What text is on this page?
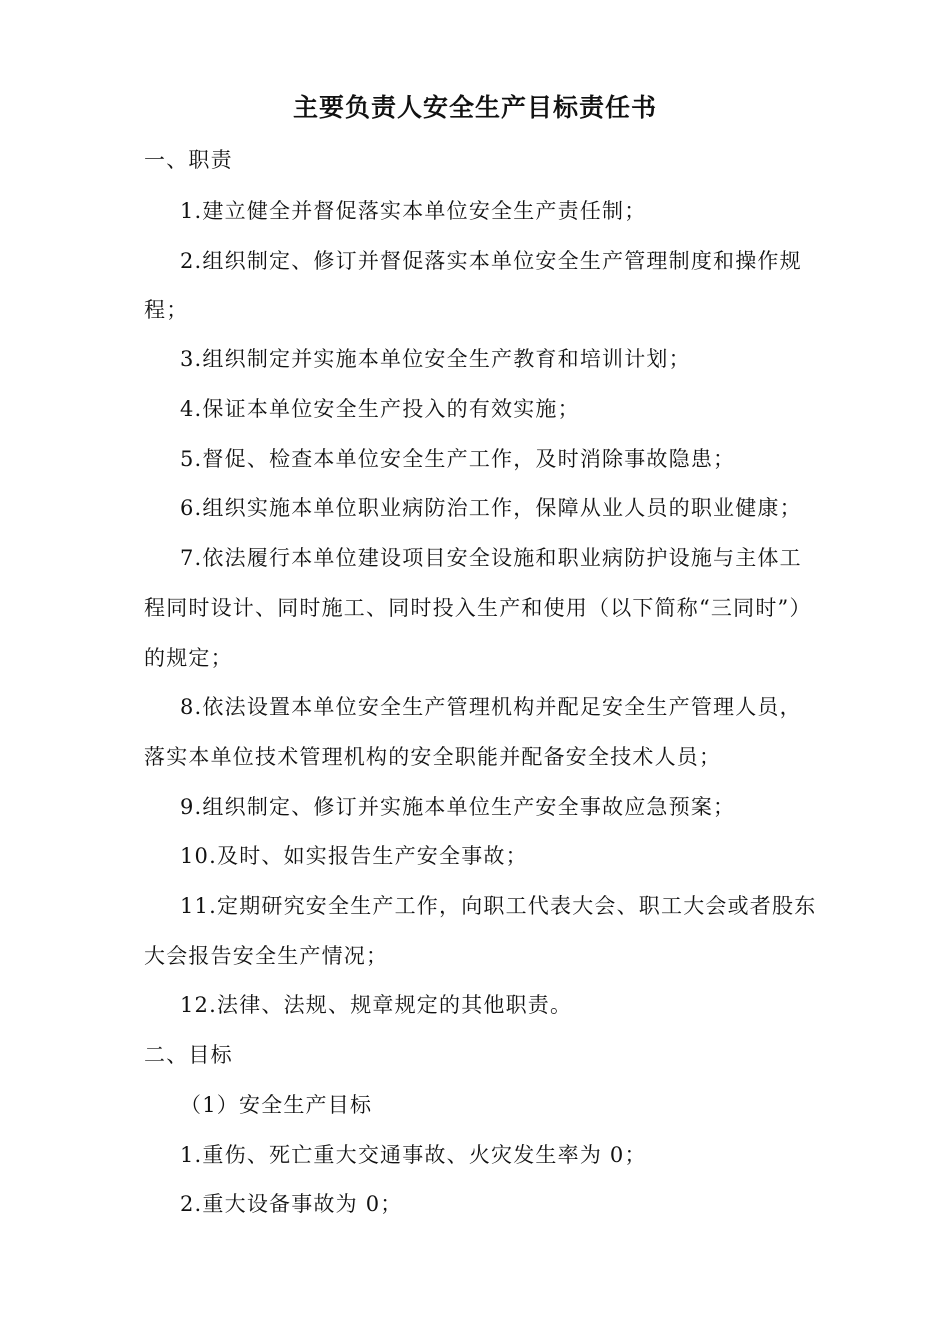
主要负责人安全生产目标责任书
一、职责
1.建立健全并督促落实本单位安全生产责任制；
2.组织制定、修订并督促落实本单位安全生产管理制度和操作规
程；
3.组织制定并实施本单位安全生产教育和培训计划；
4.保证本单位安全生产投入的有效实施；
5.督促、检查本单位安全生产工作，及时消除事故隐患；
6.组织实施本单位职业病防治工作，保障从业人员的职业健康；
7.依法履行本单位建设项目安全设施和职业病防护设施与主体工
程同时设计、同时施工、同时投入生产和使用（以下简称“三同时”）
的规定；
8.依法设置本单位安全生产管理机构并配足安全生产管理人员，
落实本单位技术管理机构的安全职能并配备安全技术人员；
9.组织制定、修订并实施本单位生产安全事故应急预案；
10.及时、如实报告生产安全事故；
11.定期研究安全生产工作，向职工代表大会、职工大会或者股东
大会报告安全生产情况；
12.法律、法规、规章规定的其他职责。
二、目标
（1）安全生产目标
1.重伤、死亡重大交通事故、火灾发生率为 0；
2.重大设备事故为 0；
